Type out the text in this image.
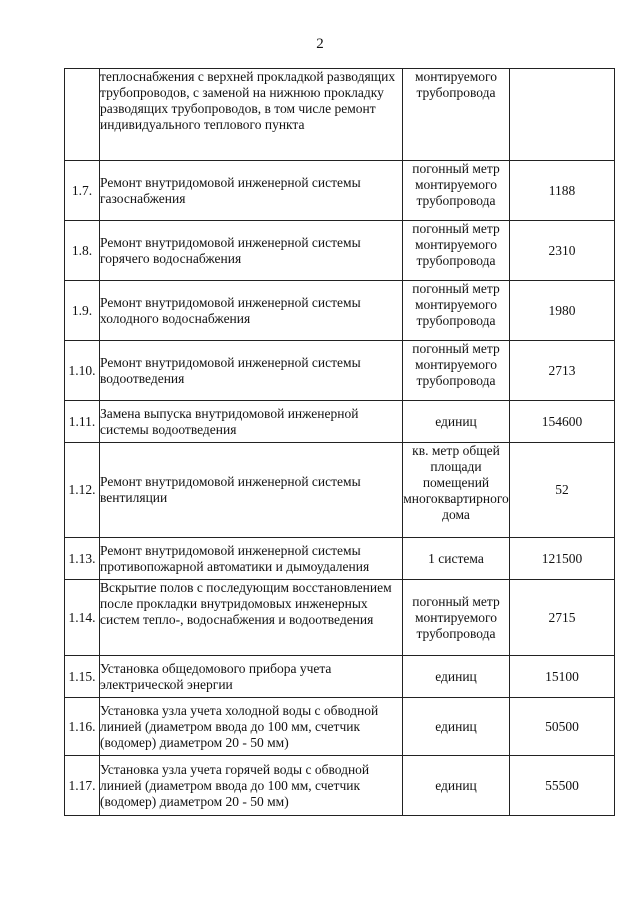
2
	теплоснабжения с верхней прокладкой разводящих трубопроводов, с заменой на нижнюю прокладку разводящих трубопроводов, в том числе ремонт индивидуального теплового пункта	монтируемого трубопровода	
1.7.	Ремонт внутридомовой инженерной системы газоснабжения	погонный метр монтируемого трубопровода	1188
1.8.	Ремонт внутридомовой инженерной системы горячего водоснабжения	погонный метр монтируемого трубопровода	2310
1.9.	Ремонт внутридомовой инженерной системы холодного водоснабжения	погонный метр монтируемого трубопровода	1980
1.10.	Ремонт внутридомовой инженерной системы водоотведения	погонный метр монтируемого трубопровода	2713
1.11.	Замена выпуска внутридомовой инженерной системы водоотведения	единиц	154600
1.12.	Ремонт внутридомовой инженерной системы вентиляции	кв. метр общей площади помещений многоквартирного дома	52
1.13.	Ремонт внутридомовой инженерной системы противопожарной автоматики и дымоудаления	1 система	121500
1.14.	Вскрытие полов с последующим восстановлением после прокладки внутридомовых инженерных систем тепло-, водоснабжения и водоотведения	погонный метр монтируемого трубопровода	2715
1.15.	Установка общедомового прибора учета электрической энергии	единиц	15100
1.16.	Установка узла учета холодной воды с обводной линией (диаметром ввода до 100 мм, счетчик (водомер) диаметром 20 - 50 мм)	единиц	50500
1.17.	Установка узла учета горячей воды с обводной линией (диаметром ввода до 100 мм, счетчик (водомер) диаметром 20 - 50 мм)	единиц	55500
